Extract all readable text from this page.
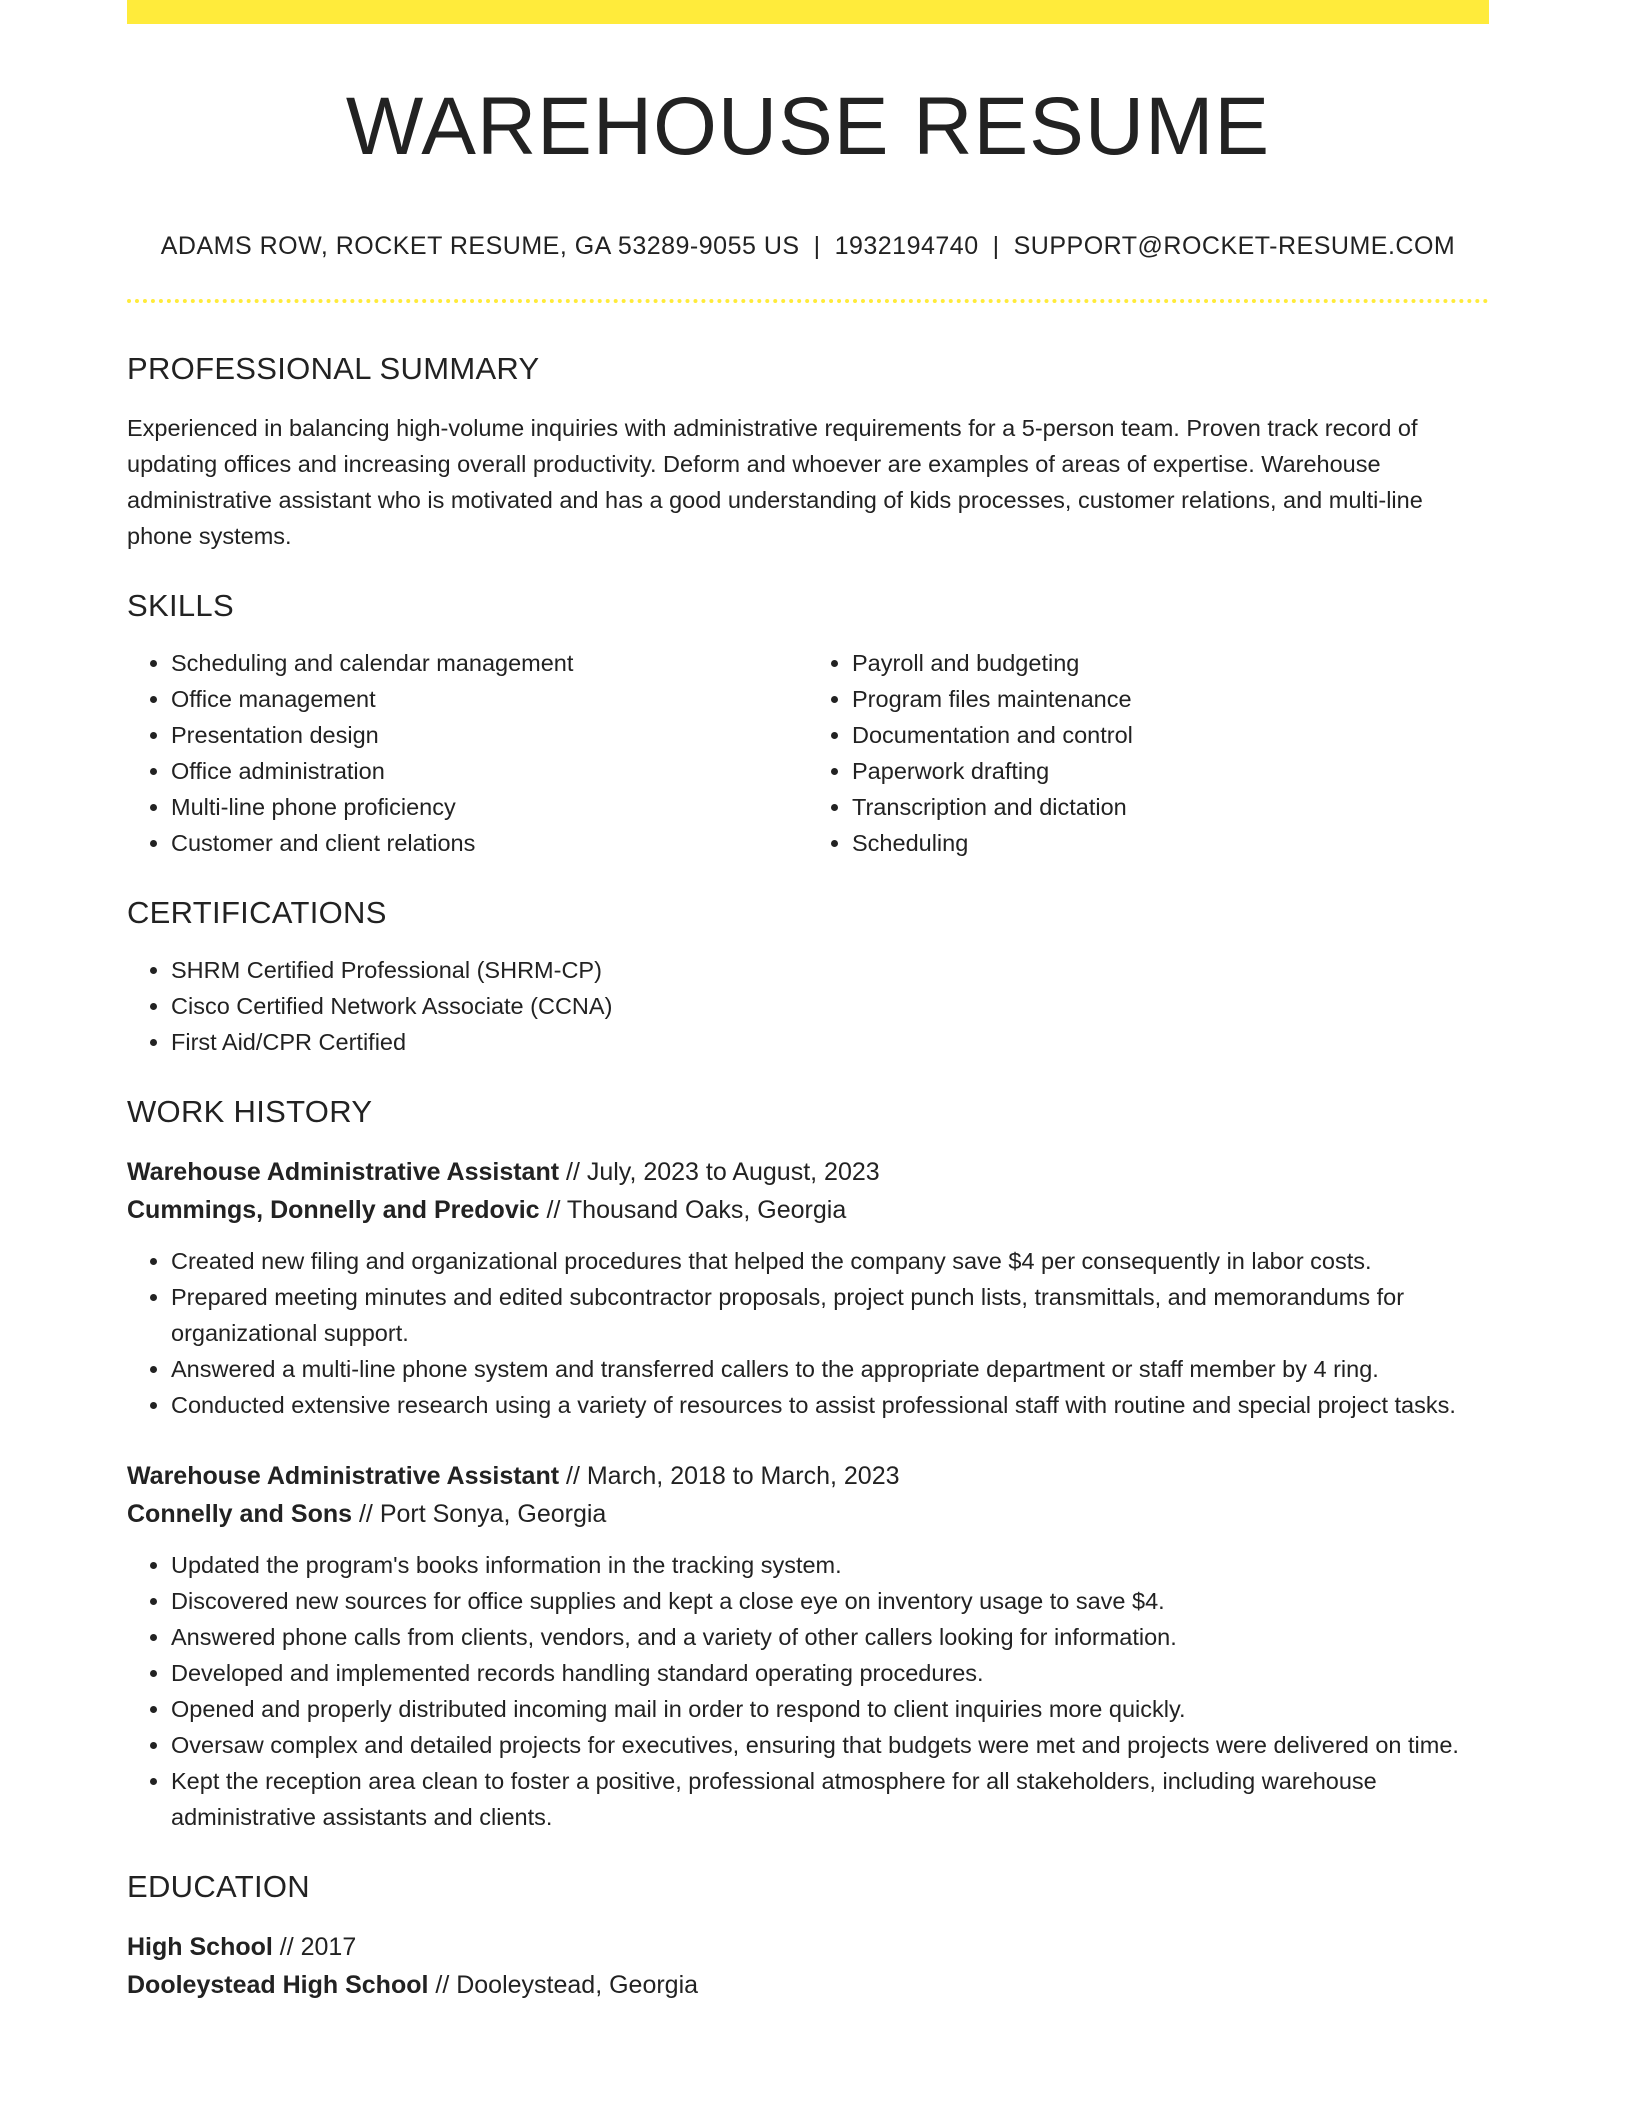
WAREHOUSE RESUME
ADAMS ROW, ROCKET RESUME, GA 53289-9055 US | 1932194740 | SUPPORT@ROCKET-RESUME.COM
PROFESSIONAL SUMMARY

Experienced in balancing high-volume inquiries with administrative requirements for a 5-person team. Proven track record of updating offices and increasing overall productivity. Deform and whoever are examples of areas of expertise. Warehouse administrative assistant who is motivated and has a good understanding of kids processes, customer relations, and multi-line phone systems.

SKILLS
• Scheduling and calendar management
• Office management
• Presentation design
• Office administration
• Multi-line phone proficiency
• Customer and client relations
• Payroll and budgeting
• Program files maintenance
• Documentation and control
• Paperwork drafting
• Transcription and dictation
• Scheduling
CERTIFICATIONS
• SHRM Certified Professional (SHRM-CP)
• Cisco Certified Network Associate (CCNA)
• First Aid/CPR Certified
WORK HISTORY
Warehouse Administrative Assistant // July, 2023 to August, 2023
Cummings, Donnelly and Predovic // Thousand Oaks, Georgia
• Created new filing and organizational procedures that helped the company save $4 per consequently in labor costs.
• Prepared meeting minutes and edited subcontractor proposals, project punch lists, transmittals, and memorandums for organizational support.
• Answered a multi-line phone system and transferred callers to the appropriate department or staff member by 4 ring.
• Conducted extensive research using a variety of resources to assist professional staff with routine and special project tasks.
Warehouse Administrative Assistant // March, 2018 to March, 2023
Connelly and Sons // Port Sonya, Georgia
• Updated the program's books information in the tracking system.
• Discovered new sources for office supplies and kept a close eye on inventory usage to save $4.
• Answered phone calls from clients, vendors, and a variety of other callers looking for information.
• Developed and implemented records handling standard operating procedures.
• Opened and properly distributed incoming mail in order to respond to client inquiries more quickly.
• Oversaw complex and detailed projects for executives, ensuring that budgets were met and projects were delivered on time.
• Kept the reception area clean to foster a positive, professional atmosphere for all stakeholders, including warehouse administrative assistants and clients.
EDUCATION
High School // 2017
Dooleystead High School // Dooleystead, Georgia
